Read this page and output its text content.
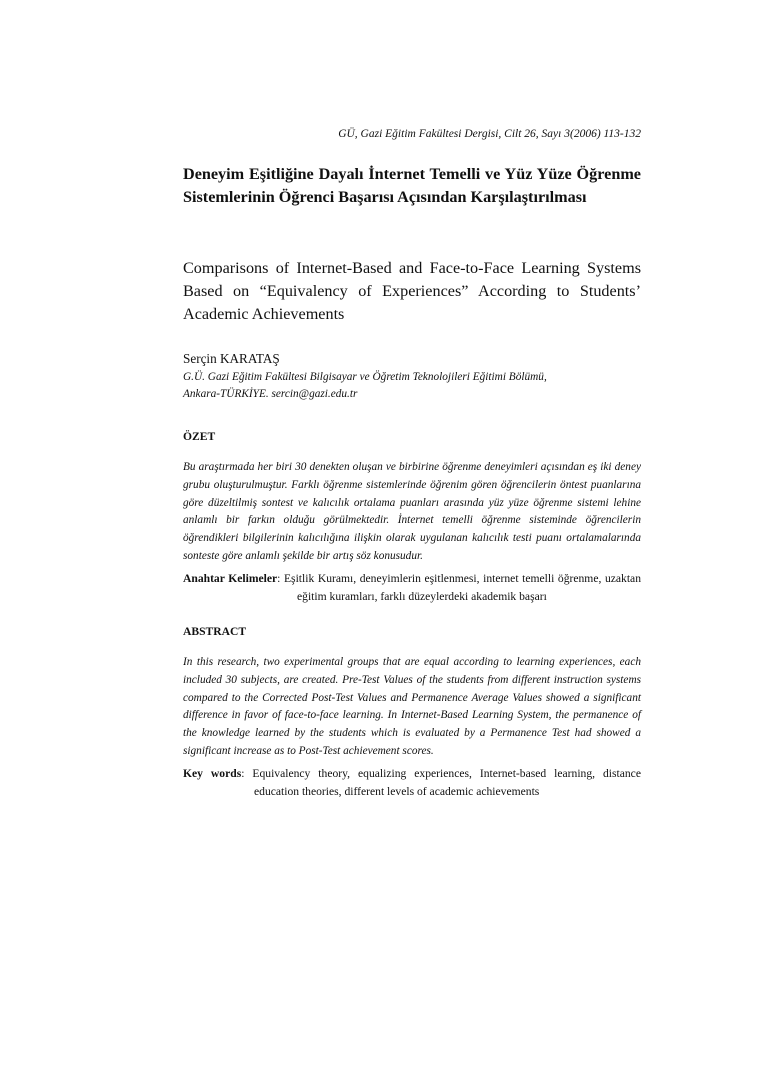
GÜ, Gazi Eğitim Fakültesi Dergisi, Cilt 26, Sayı 3(2006) 113-132
Deneyim Eşitliğine Dayalı İnternet Temelli ve Yüz Yüze Öğrenme Sistemlerinin Öğrenci Başarısı Açısından Karşılaştırılması
Comparisons of Internet-Based and Face-to-Face Learning Systems Based on “Equivalency of Experiences” According to Students’ Academic Achievements
Serçin KARATAŞ
G.Ü. Gazi Eğitim Fakültesi Bilgisayar ve Öğretim Teknolojileri Eğitimi Bölümü,
Ankara-TÜRKİYE. sercin@gazi.edu.tr
ÖZET
Bu araştırmada her biri 30 denekten oluşan ve birbirine öğrenme deneyimleri açısından eş iki deney grubu oluşturulmuştur. Farklı öğrenme sistemlerinde öğrenim gören öğrencilerin öntest puanlarına göre düzeltilmiş sontest ve kalıcılık ortalama puanları arasında yüz yüze öğrenme sistemi lehine anlamlı bir farkın olduğu görülmektedir. İnternet temelli öğrenme sisteminde öğrencilerin öğrendikleri bilgilerinin kalıcılığına ilişkin olarak uygulanan kalıcılık testi puanı ortalamalarında sonteste göre anlamlı şekilde bir artış söz konusudur.
Anahtar Kelimeler: Eşitlik Kuramı, deneyimlerin eşitlenmesi, internet temelli öğrenme, uzaktan eğitim kuramları, farklı düzeylerdeki akademik başarı
ABSTRACT
In this research, two experimental groups that are equal according to learning experiences, each included 30 subjects, are created. Pre-Test Values of the students from different instruction systems compared to the Corrected Post-Test Values and Permanence Average Values showed a significant difference in favor of face-to-face learning. In Internet-Based Learning System, the permanence of the knowledge learned by the students which is evaluated by a Permanence Test had showed a significant increase as to Post-Test achievement scores.
Key words: Equivalency theory, equalizing experiences, Internet-based learning, distance education theories, different levels of academic achievements
